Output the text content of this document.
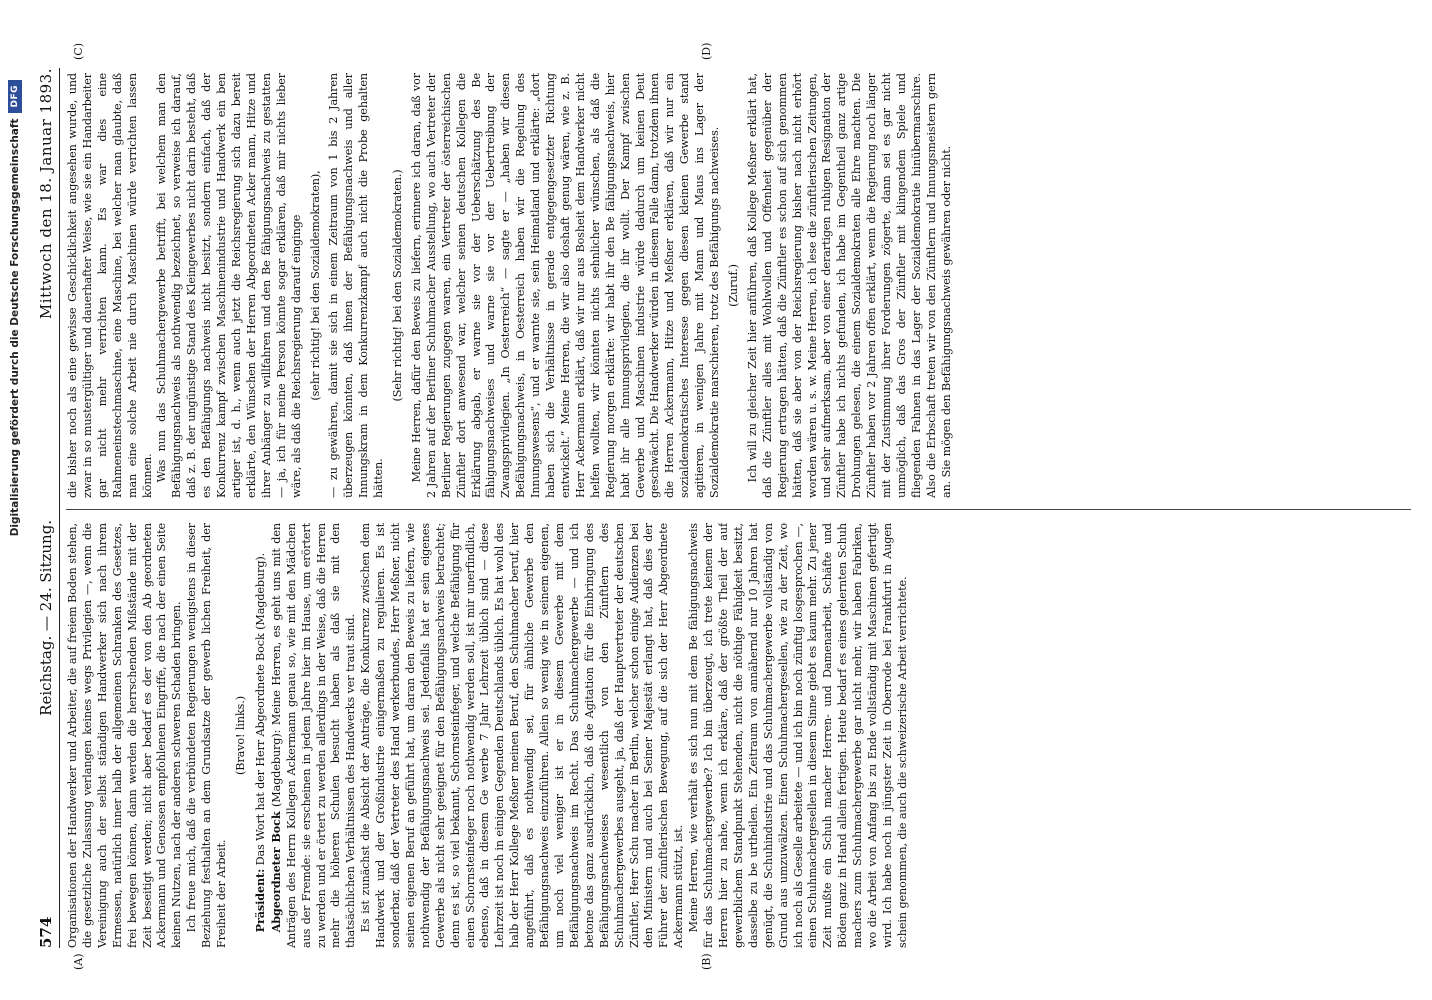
Digitalisierung gefördert durch die Deutsche Forschungsgemeinschaft
DFG
574
Reichstag. — 24. Sitzung.
Mittwoch den 18. Januar 1893.
(A)	(B)
(C)	(D)

Organisationen der Handwerker und Arbeiter, die auf freiem Boden stehen, die gesetzliche Zulassung verlangen keines wegs Privilegien —, wenn die Vereinigung auch der selbst ständigen Handwerker sich nach ihrem Ermessen, natürlich inner halb der allgemeinen Schranken des Gesetzes, frei bewegen können, dann werden die herrschenden Mißstände mit der Zeit beseitigt werden; nicht aber bedarf es der von den Ab geordneten Ackermann und Genossen empfohlenen Eingriffe, die nach der einen Seite keinen Nutzen, nach der anderen schweren Schaden bringen. Ich freue mich, daß die verbündeten Regierungen wenigstens in dieser Beziehung festhalten an dem Grundsatze der gewerb lichen Freiheit, der Freiheit der Arbeit.

(Bravo! links.)

Präsident: Das Wort hat der Herr Abgeordnete Bock (Magdeburg).

Abgeordneter Bock (Magdeburg): Meine Herren, es geht uns mit den Anträgen des Herrn Kollegen Ackermann genau so, wie mit den Mädchen aus der Fremde: sie erscheinen in jedem Jahre hier im Hause, um erörtert zu werden und er örtert zu werden allerdings in der Weise, daß die Herren mehr die höheren Schulen besucht haben als daß sie mit den thatsächlichen Verhältnissen des Handwerks ver traut sind. Es ist zunächst die Absicht der Anträge, die Konkurrenz zwischen dem Handwerk und der Großindustrie einigermaßen zu regulieren. Es ist sonderbar, daß der Vertreter des Hand werkerbundes, Herr Meßner, nicht seinen eigenen Beruf an geführt hat, um daran den Beweis zu liefern, wie nothwendig der Befähigungsnachweis sei. Jedenfalls hat er sein eigenes Gewerbe als nicht sehr geeignet für den Befähigungsnachweis betrachtet; denn es ist, so viel bekannt, Schornsteinfeger, und welche Befähigung für einen Schornsteinfeger noch nothwendig werden soll, ist mir unerfindlich, ebenso, daß in diesem Ge werbe 7 Jahr Lehrzeit üblich sind — diese Lehrzeit ist noch in einigen Gegenden Deutschlands üblich. Es hat wohl des halb der Herr Kollege Meßner meinen Beruf, den Schuhmacher beruf, hier angeführt, daß es nothwendig sei, für ähnliche Gewerbe den Befähigungsnachweis einzuführen. Allein so wenig wie in seinem eigenen, um noch viel weniger ist er in diesem Gewerbe mit dem Befähigungsnachweis im Recht. Das Schuhmachergewerbe — und ich betone das ganz ausdrücklich, daß die Agitation für die Einbringung des Befähigungsnachweises wesentlich von den Zünftlern des Schuhmachergewerbes ausgeht, ja, daß der Hauptvertreter der deutschen Zünftler, Herr Schu macher in Berlin, welcher schon einige Audienzen bei den Ministern und auch bei Seiner Majestät erlangt hat, daß dies der Führer der zünftlerischen Bewegung, auf die sich der Herr Abgeordnete Ackermann stützt, ist. Meine Herren, wie verhält es sich nun mit dem Be fähigungsnachweis für das Schuhmachergewerbe? Ich bin überzeugt, ich trete keinem der Herren hier zu nahe, wenn ich erkläre, daß der größte Theil der auf gewerblichem Standpunkt Stehenden, nicht die nöthige Fähigkeit besitzt, dasselbe zu be urtheilen. Ein Zeitraum von annähernd nur 10 Jahren hat genügt, die Schuhindustrie und das Schuhmachergewerbe vollständig von Grund aus umzuwälzen. Einen Schuhmachergesellen, wie zu der Zeit, wo ich noch als Geselle arbeitete — und ich bin noch zünftig losgesprochen —, einen Schuhmachergesellen in diesem Sinne giebt es kaum mehr. Zu jener Zeit mußte ein Schuh macher Herren- und Damenarbeit, Schäfte und Böden ganz in Hand allein fertigen. Heute bedarf es eines gelernten Schuh machers zum Schuhmachergewerbe gar nicht mehr, wir haben Fabriken, wo die Arbeit von Anfang bis zu Ende vollständig mit Maschinen gefertigt wird. Ich habe noch in jüngster Zeit in Oberrode bei Frankfurt in Augen schein genommen, die auch die schweizerische Arbeit verrichtete.

die bisher noch als eine gewisse Geschicklichkeit angesehen wurde, und zwar in so mustergültiger und dauerhafter Weise, wie sie ein Handarbeiter gar nicht mehr verrichten kann. Es war dies eine Rahmeneinstechmaschine, eine Maschine, bei welcher man glaubte, daß man eine solche Arbeit nie durch Maschinen würde verrichten lassen können. Was nun das Schuhmachergewerbe betrifft, bei welchem man den Befähigungsnachweis als nothwendig bezeichnet, so verweise ich darauf, daß z. B. der ungünstige Stand des Kleingewerbes nicht darin besteht, daß es den Befähigungs nachweis nicht besitzt, sondern einfach, daß der Konkurrenz kampf zwischen Maschinenindustrie und Handwerk ein ben artiger ist, d. h., wenn auch jetzt die Reichsregierung sich dazu bereit erklärte, den Wünschen der Herren Abgeordneten Acker mann, Hitze und ihrer Anhänger zu willfahren und den Be fähigungsnachweis zu gestatten — ja, ich für meine Person könnte sogar erklären, daß mir nichts lieber wäre, als daß die Reichsregierung darauf einginge (sehr richtig! bei den Sozialdemokraten), — zu gewähren, damit sie sich in einem Zeitraum von 1 bis 2 Jahren überzeugen könnten, daß ihnen der Befähigungsnachweis und aller Innungskram in dem Konkurrenzkampf auch nicht die Probe gehalten hätten.

(Sehr richtig! bei den Sozialdemokraten.) Meine Herren, dafür den Beweis zu liefern, erinnere ich daran, daß vor 2 Jahren auf der Berliner Schuhmacher Ausstellung, wo auch Vertreter der Berliner Regierungen zugegen waren, ein Vertreter der österreichischen Zünftler dort anwesend war, welcher seinen deutschen Kollegen die Erklärung abgab, er warne sie vor der Ueberschätzung des Be fähigungsnachweises und warne sie vor der Uebertreibung der Zwangsprivilegien. „In Oesterreich“ — sagte er — „haben wir diesen Befähigungsnachweis, in Oesterreich haben wir die Regelung des Innungswesens“, und er warnte sie, sein Heimatland und erklärte: „dort haben sich die Verhältnisse in gerade entgegengesetzter Richtung entwickelt.“ Meine Herren, die wir also doshaft genug wären, wie z. B. Herr Ackermann erklärt, daß wir nur aus Bosheit dem Handwerker nicht helfen wollten, wir könnten nichts sehnlicher wünschen, als daß die Regierung morgen erklärte: wir habt ihr den Be fähigungsnachweis, hier habt ihr alle Innungsprivilegien, die ihr wollt. Der Kampf zwischen Gewerbe und Maschinen industrie würde dadurch um keinen Deut geschwächt. Die Handwerker würden in diesem Falle dann, trotzdem ihnen die Herren Ackermann, Hitze und Meßner erklären, daß wir nur ein sozialdemokratisches Interesse gegen diesen kleinen Gewerbe stand agitieren, in wenigen Jahre mit Mann und Maus ins Lager der Sozialdemokratie marschieren, trotz des Befähigungs nachweises. (Zuruf.) Ich will zu gleicher Zeit hier anführen, daß Kollege Meßner erklärt hat, daß die Zünftler alles mit Wohlwollen und Offenheit gegenüber der Regierung ertragen hätten, daß die Zünftler es schon auf sich genommen hätten, daß sie aber von der Reichsregierung bisher nach nicht erhört worden wären u. s. w. Meine Herren, ich lese die zünftlerischen Zeitungen, und sehr aufmerksam, aber von einer derartigen ruhigen Resignation der Zünftler habe ich nichts gefunden, ich habe im Gegentheil ganz artige Drohungen gelesen, die einem Sozialdemokraten alle Ehre machten. Die Zünftler haben vor 2 Jahren offen erklärt, wenn die Regierung noch länger mit der Zustimmung ihrer Forderungen zögerte, dann sei es gar nicht unmöglich, daß das Gros der Zünftler mit klingendem Spiele und fliegenden Fahnen in das Lager der Sozialdemokratie hinübermarschire. Also die Erbschaft treten wir von den Zünftlern und Innungsmeistern gern an. Sie mögen den Befähigungsnachweis gewähren oder nicht.
